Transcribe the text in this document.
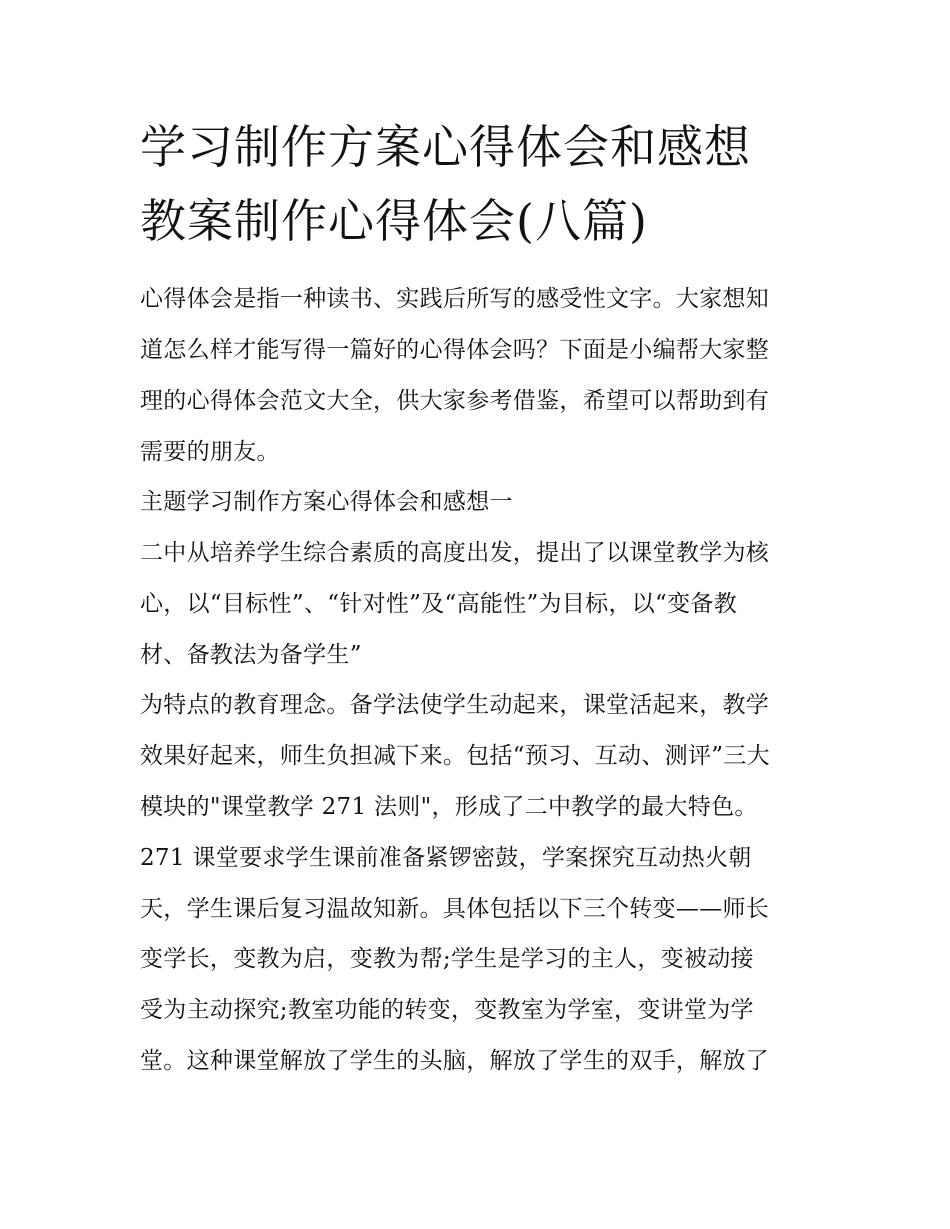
学习制作方案心得体会和感想
教案制作心得体会(八篇)

心得体会是指一种读书、实践后所写的感受性文字。大家想知

道怎么样才能写得一篇好的心得体会吗？下面是小编帮大家整

理的心得体会范文大全，供大家参考借鉴，希望可以帮助到有

需要的朋友。

主题学习制作方案心得体会和感想一

二中从培养学生综合素质的高度出发，提出了以课堂教学为核

心，以“目标性”、“针对性”及“高能性”为目标，以“变备教

材、备教法为备学生”

为特点的教育理念。备学法使学生动起来，课堂活起来，教学

效果好起来，师生负担减下来。包括“预习、互动、测评”三大

模块的"课堂教学 271 法则"，形成了二中教学的最大特色。

271 课堂要求学生课前准备紧锣密鼓，学案探究互动热火朝

天，学生课后复习温故知新。具体包括以下三个转变——师长

变学长，变教为启，变教为帮;学生是学习的主人，变被动接

受为主动探究;教室功能的转变，变教室为学室，变讲堂为学

堂。这种课堂解放了学生的头脑，解放了学生的双手，解放了
